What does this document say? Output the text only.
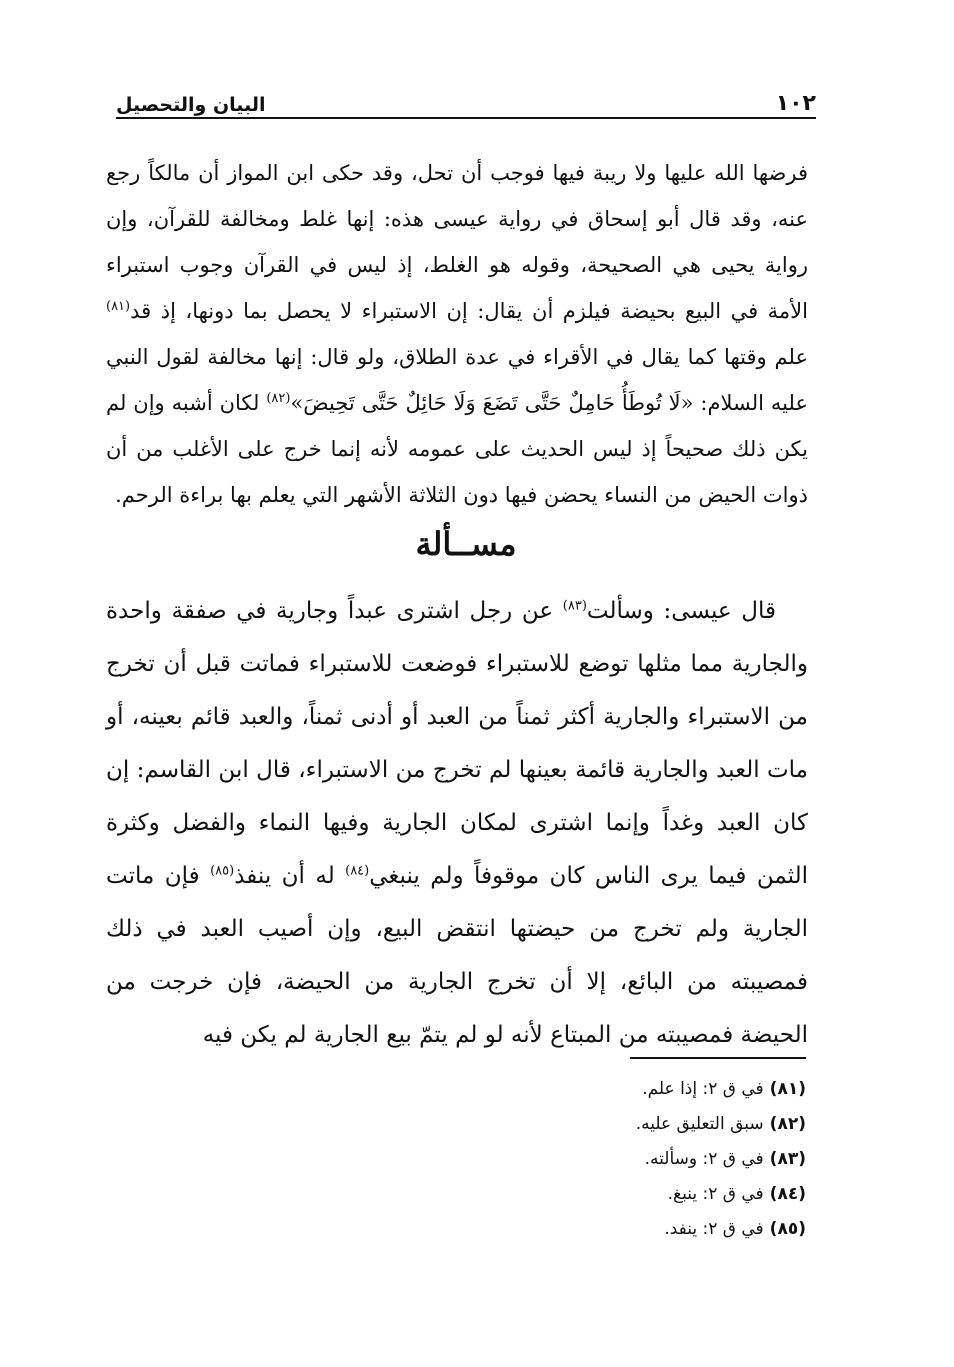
١٠٢
البيان والتحصيل

فرضها الله عليها ولا ريبة فيها فوجب أن تحل، وقد حكى ابن المواز أن مالكاً رجع عنه، وقد قال أبو إسحاق في رواية عيسى هذه: إنها غلط ومخالفة للقرآن، وإن رواية يحيى هي الصحيحة، وقوله هو الغلط، إذ ليس في القرآن وجوب استبراء الأمة في البيع بحيضة فيلزم أن يقال: إن الاستبراء لا يحصل بما دونها، إذ قد$^{(٨١)}$ علم وقتها كما يقال في الأقراء في عدة الطلاق، ولو قال: إنها مخالفة لقول النبي عليه السلام: «لَا تُوطَأُ حَامِلٌ حَتَّى تَضَعَ وَلَا حَائِلٌ حَتَّى تَحِيضَ»$^{(٨٢)}$ لكان أشبه وإن لم يكن ذلك صحيحاً إذ ليس الحديث على عمومه لأنه إنما خرج على الأغلب من أن ذوات الحيض من النساء يحضن فيها دون الثلاثة الأشهر التي يعلم بها براءة الرحم.

مســألة

قال عيسى: وسألت$^{(٨٣)}$ عن رجل اشترى عبداً وجارية في صفقة واحدة والجارية مما مثلها توضع للاستبراء فوضعت للاستبراء فماتت قبل أن تخرج من الاستبراء والجارية أكثر ثمناً من العبد أو أدنى ثمناً، والعبد قائم بعينه، أو مات العبد والجارية قائمة بعينها لم تخرج من الاستبراء، قال ابن القاسم: إن كان العبد وغداً وإنما اشترى لمكان الجارية وفيها النماء والفضل وكثرة الثمن فيما يرى الناس كان موقوفاً ولم ينبغي$^{(٨٤)}$ له أن ينفذ$^{(٨٥)}$ فإن ماتت الجارية ولم تخرج من حيضتها انتقض البيع، وإن أصيب العبد في ذلك فمصيبته من البائع، إلا أن تخرج الجارية من الحيضة، فإن خرجت من الحيضة فمصيبته من المبتاع لأنه لو لم يتمّ بيع الجارية لم يكن فيه

(٨١)في ق ٢: إذا علم.
(٨٢)سبق التعليق عليه.
(٨٣)في ق ٢: وسألته.
(٨٤)في ق ٢: ينبغ.
(٨٥)في ق ٢: ينفد.
